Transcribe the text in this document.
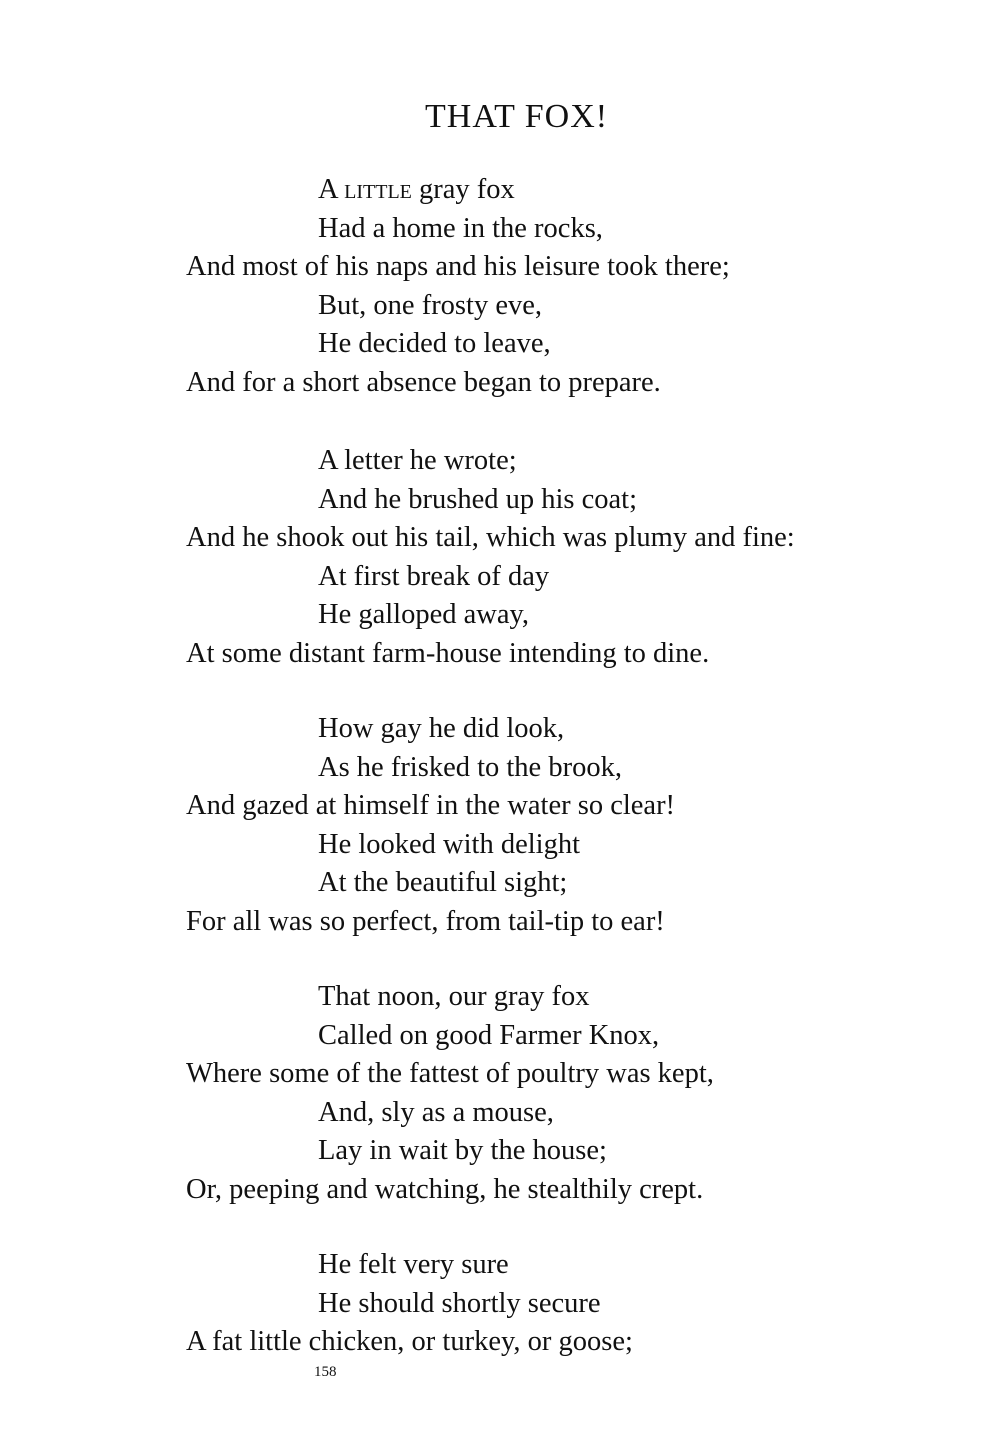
THAT FOX!
A little gray fox
Had a home in the rocks,
And most of his naps and his leisure took there;
But, one frosty eve,
He decided to leave,
And for a short absence began to prepare.
A letter he wrote;
And he brushed up his coat;
And he shook out his tail, which was plumy and fine:
At first break of day
He galloped away,
At some distant farm-house intending to dine.
How gay he did look,
As he frisked to the brook,
And gazed at himself in the water so clear!
He looked with delight
At the beautiful sight;
For all was so perfect, from tail-tip to ear!
That noon, our gray fox
Called on good Farmer Knox,
Where some of the fattest of poultry was kept,
And, sly as a mouse,
Lay in wait by the house;
Or, peeping and watching, he stealthily crept.
He felt very sure
He should shortly secure
A fat little chicken, or turkey, or goose;
158
